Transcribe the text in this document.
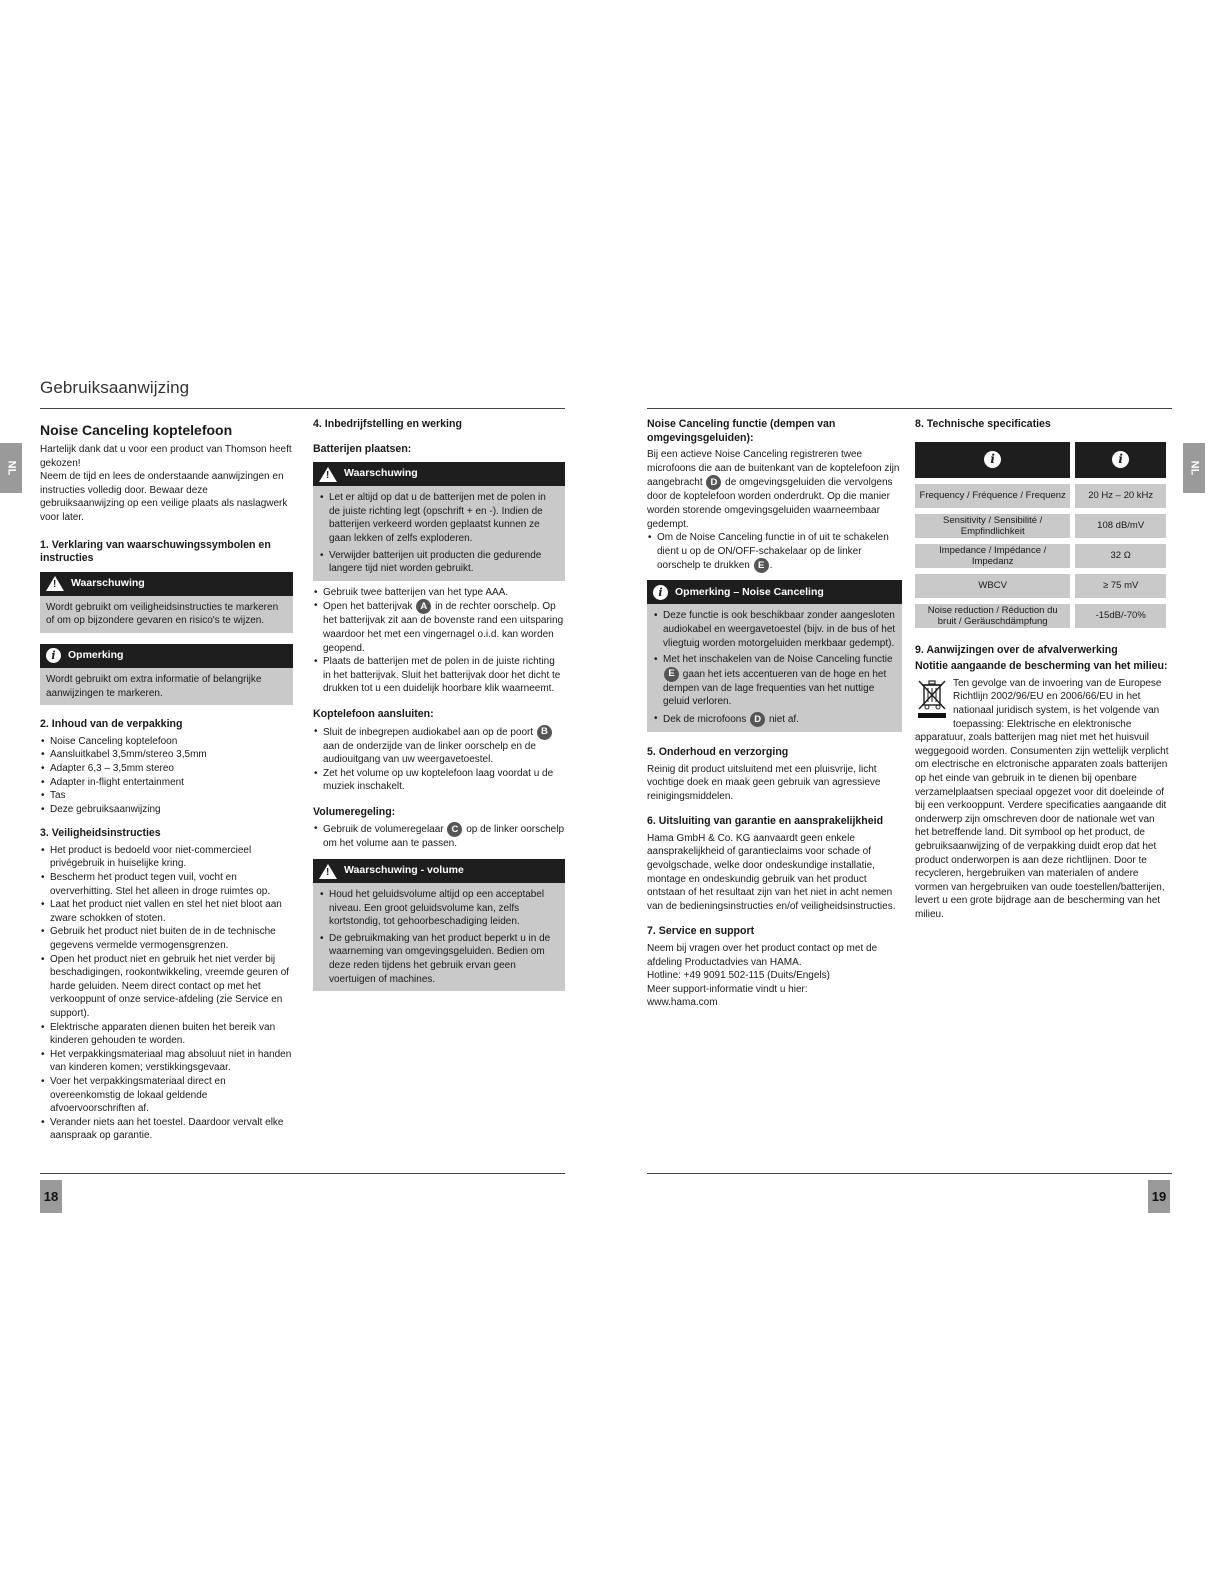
Gebruiksaanwijzing
NL	NL
Noise Canceling koptelefoon

Hartelijk dank dat u voor een product van Thomson heeft gekozen!

Neem de tijd en lees de onderstaande aanwijzingen en instructies volledig door. Bewaar deze gebruiksaanwijzing op een veilige plaats als naslagwerk voor later.

1. Verklaring van waarschuwingssymbolen en instructies
!
Waarschuwing

Wordt gebruikt om veiligheidsinstructies te markeren of om op bijzondere gevaren en risico's te wijzen.

i	Opmerking

Wordt gebruikt om extra informatie of belangrijke aanwijzingen te markeren.

2. Inhoud van de verpakking
• Noise Canceling koptelefoon
• Aansluitkabel 3,5mm/stereo 3,5mm
• Adapter 6,3 – 3,5mm stereo
• Adapter in-flight entertainment
• Tas
• Deze gebruiksaanwijzing
3. Veiligheidsinstructies
• Het product is bedoeld voor niet-commercieel privégebruik in huiselijke kring.
• Bescherm het product tegen vuil, vocht en oververhitting. Stel het alleen in droge ruimtes op.
• Laat het product niet vallen en stel het niet bloot aan zware schokken of stoten.
• Gebruik het product niet buiten de in de technische gegevens vermelde vermogensgrenzen.
• Open het product niet en gebruik het niet verder bij beschadigingen, rookontwikkeling, vreemde geuren of harde geluiden. Neem direct contact op met het verkooppunt of onze service-afdeling (zie Service en support).
• Elektrische apparaten dienen buiten het bereik van kinderen gehouden te worden.
• Het verpakkingsmateriaal mag absoluut niet in handen van kinderen komen; verstikkingsgevaar.
• Voer het verpakkingsmateriaal direct en overeenkomstig de lokaal geldende afvoervoorschriften af.
• Verander niets aan het toestel. Daardoor vervalt elke aanspraak op garantie.
4. Inbedrijfstelling en werking
Batterijen plaatsen:
!
Waarschuwing
• Let er altijd op dat u de batterijen met de polen in de juiste richting legt (opschrift + en -). Indien de batterijen verkeerd worden geplaatst kunnen ze gaan lekken of zelfs exploderen.
• Verwijder batterijen uit producten die gedurende langere tijd niet worden gebruikt.
• Gebruik twee batterijen van het type AAA.
• Open het batterijvak A in de rechter oorschelp. Op het batterijvak zit aan de bovenste rand een uitsparing waardoor het met een vingernagel o.i.d. kan worden geopend.
• Plaats de batterijen met de polen in de juiste richting in het batterijvak. Sluit het batterijvak door het dicht te drukken tot u een duidelijk hoorbare klik waarneemt.
Koptelefoon aansluiten:
• Sluit de inbegrepen audiokabel aan op de poort B aan de onderzijde van de linker oorschelp en de audiouitgang van uw weergavetoestel.
• Zet het volume op uw koptelefoon laag voordat u de muziek inschakelt.
Volumeregeling:
• Gebruik de volumeregelaar C op de linker oorschelp om het volume aan te passen.
!
Waarschuwing - volume
• Houd het geluidsvolume altijd op een acceptabel niveau. Een groot geluidsvolume kan, zelfs kortstondig, tot gehoorbeschadiging leiden.
• De gebruikmaking van het product beperkt u in de waarneming van omgevingsgeluiden. Bedien om deze reden tijdens het gebruik ervan geen voertuigen of machines.
Noise Canceling functie (dempen van omgevingsgeluiden):

Bij een actieve Noise Canceling registreren twee microfoons die aan de buitenkant van de koptelefoon zijn aangebracht D de omgevingsgeluiden die vervolgens door de koptelefoon worden onderdrukt. Op die manier worden storende omgevingsgeluiden waarneembaar gedempt.

• Om de Noise Canceling functie in of uit te schakelen dient u op de ON/OFF-schakelaar op de linker oorschelp te drukken E .
i	Opmerking – Noise Canceling
• Deze functie is ook beschikbaar zonder aangesloten audiokabel en weergavetoestel (bijv. in de bus of het vliegtuig worden motorgeluiden merkbaar gedempt).
• Met het inschakelen van de Noise Canceling functie E gaan het iets accentueren van de hoge en het dempen van de lage frequenties van het nuttige geluid verloren.
• Dek de microfoons D niet af.
5. Onderhoud en verzorging

Reinig dit product uitsluitend met een pluisvrije, licht vochtige doek en maak geen gebruik van agressieve reinigingsmiddelen.

6. Uitsluiting van garantie en aansprakelijkheid

Hama GmbH & Co. KG aanvaardt geen enkele aansprakelijkheid of garantieclaims voor schade of gevolgschade, welke door ondeskundige installatie, montage en ondeskundig gebruik van het product ontstaan of het resultaat zijn van het niet in acht nemen van de bedieningsinstructies en/of veiligheidsinstructies.

7. Service en support

Neem bij vragen over het product contact op met de afdeling Productadvies van HAMA.

Hotline: +49 9091 502-115 (Duits/Engels)

Meer support-informatie vindt u hier:

www.hama.com

8. Technische specificaties
i	i
Frequency / Fréquence / Frequenz	20 Hz – 20 kHz
Sensitivity / Sensibilité / Empfindlichkeit	108 dB/mV
Impedance / Impédance / Impedanz	32 Ω
WBCV	≥ 75 mV
Noise reduction / Réduction du bruit / Geräuschdämpfung	-15dB/-70%
9. Aanwijzingen over de afvalverwerking
Notitie aangaande de bescherming van het milieu:

Ten gevolge van de invoering van de Europese Richtlijn 2002/96/EU en 2006/66/EU in het nationaal juridisch system, is het volgende van toepassing: Elektrische en elektronische apparatuur, zoals batterijen mag niet met het huisvuil weggegooid worden. Consumenten zijn wettelijk verplicht om electrische en elctronische apparaten zoals batterijen op het einde van gebruik in te dienen bij openbare verzamelplaatsen speciaal opgezet voor dit doeleinde of bij een verkooppunt. Verdere specificaties aangaande dit onderwerp zijn omschreven door de nationale wet van het betreffende land. Dit symbool op het product, de gebruiksaanwijzing of de verpakking duidt erop dat het product onderworpen is aan deze richtlijnen. Door te recycleren, hergebruiken van materialen of andere vormen van hergebruiken van oude toestellen/batterijen, levert u een grote bijdrage aan de bescherming van het milieu.

18	19
